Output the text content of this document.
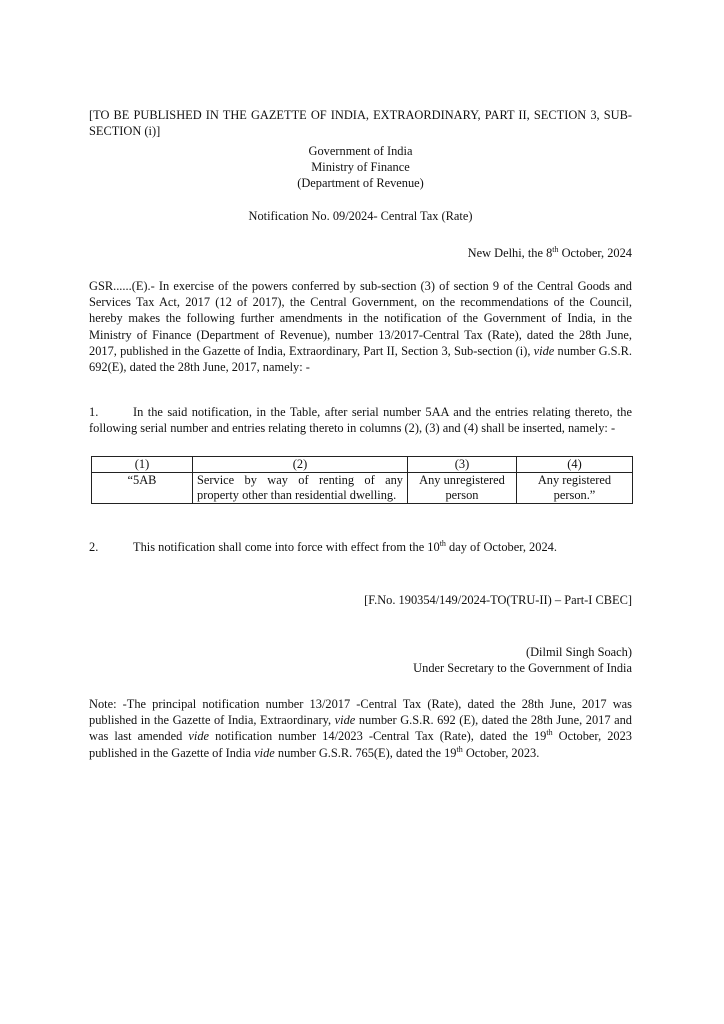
[TO BE PUBLISHED IN THE GAZETTE OF INDIA, EXTRAORDINARY, PART II, SECTION 3, SUB-SECTION (i)]
Government of India
Ministry of Finance
(Department of Revenue)
Notification No. 09/2024- Central Tax (Rate)
New Delhi, the 8th October, 2024
GSR......(E).- In exercise of the powers conferred by sub-section (3) of section 9 of the Central Goods and Services Tax Act, 2017 (12 of 2017), the Central Government, on the recommendations of the Council, hereby makes the following further amendments in the notification of the Government of India, in the Ministry of Finance (Department of Revenue), number 13/2017-Central Tax (Rate), dated the 28th June, 2017, published in the Gazette of India, Extraordinary, Part II, Section 3, Sub-section (i), vide number G.S.R. 692(E), dated the 28th June, 2017, namely: -
1.	In the said notification, in the Table, after serial number 5AA and the entries relating thereto, the following serial number and entries relating thereto in columns (2), (3) and (4) shall be inserted, namely: -
(1)	(2)	(3)	(4)
“5AB	Service by way of renting of any property other than residential dwelling.	Any unregistered person	Any registered person.”
2.	This notification shall come into force with effect from the 10th day of October, 2024.
[F.No. 190354/149/2024-TO(TRU-II) – Part-I CBEC]
(Dilmil Singh Soach)
Under Secretary to the Government of India
Note: -The principal notification number 13/2017 -Central Tax (Rate), dated the 28th June, 2017 was published in the Gazette of India, Extraordinary, vide number G.S.R. 692 (E), dated the 28th June, 2017 and was last amended vide notification number 14/2023 -Central Tax (Rate), dated the 19th October, 2023 published in the Gazette of India vide number G.S.R. 765(E), dated the 19th October, 2023.
